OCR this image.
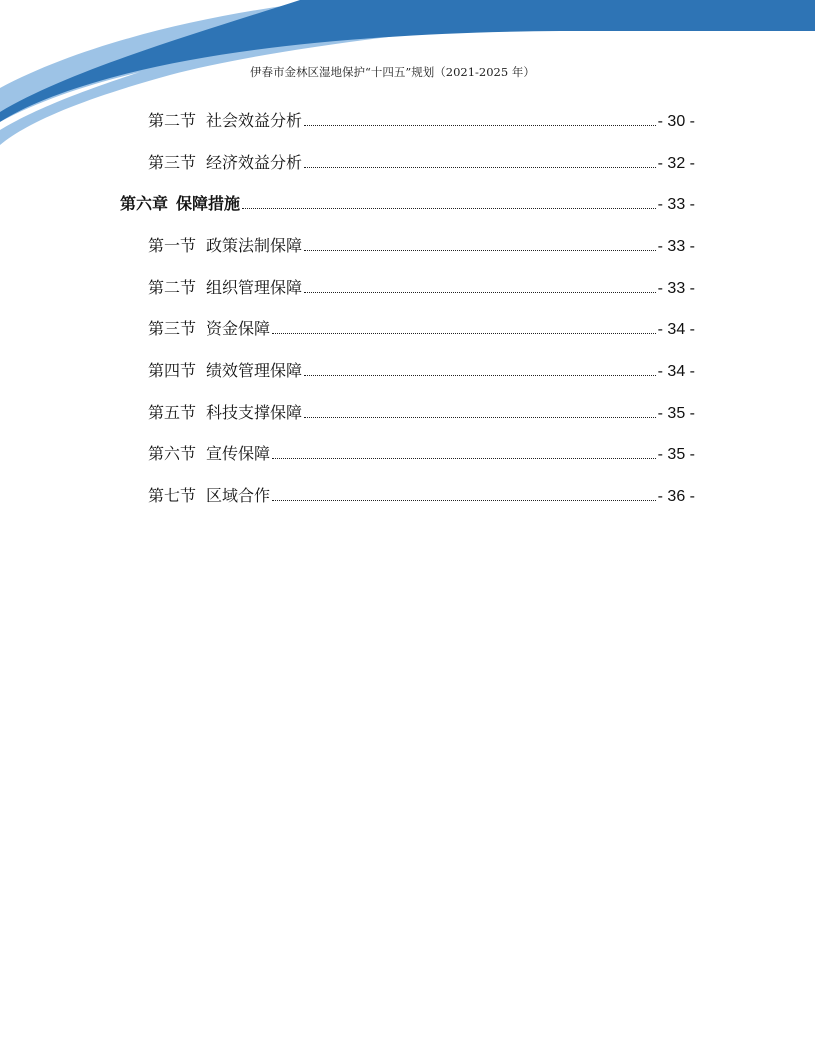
伊春市金林区湿地保护“十四五”规划（2021-2025 年）
第二节 社会效益分析	- 30 -
第三节 经济效益分析	- 32 -
第六章 保障措施	- 33 -
第一节 政策法制保障	- 33 -
第二节 组织管理保障	- 33 -
第三节 资金保障	- 34 -
第四节 绩效管理保障	- 34 -
第五节 科技支撑保障	- 35 -
第六节 宣传保障	- 35 -
第七节 区域合作	- 36 -
